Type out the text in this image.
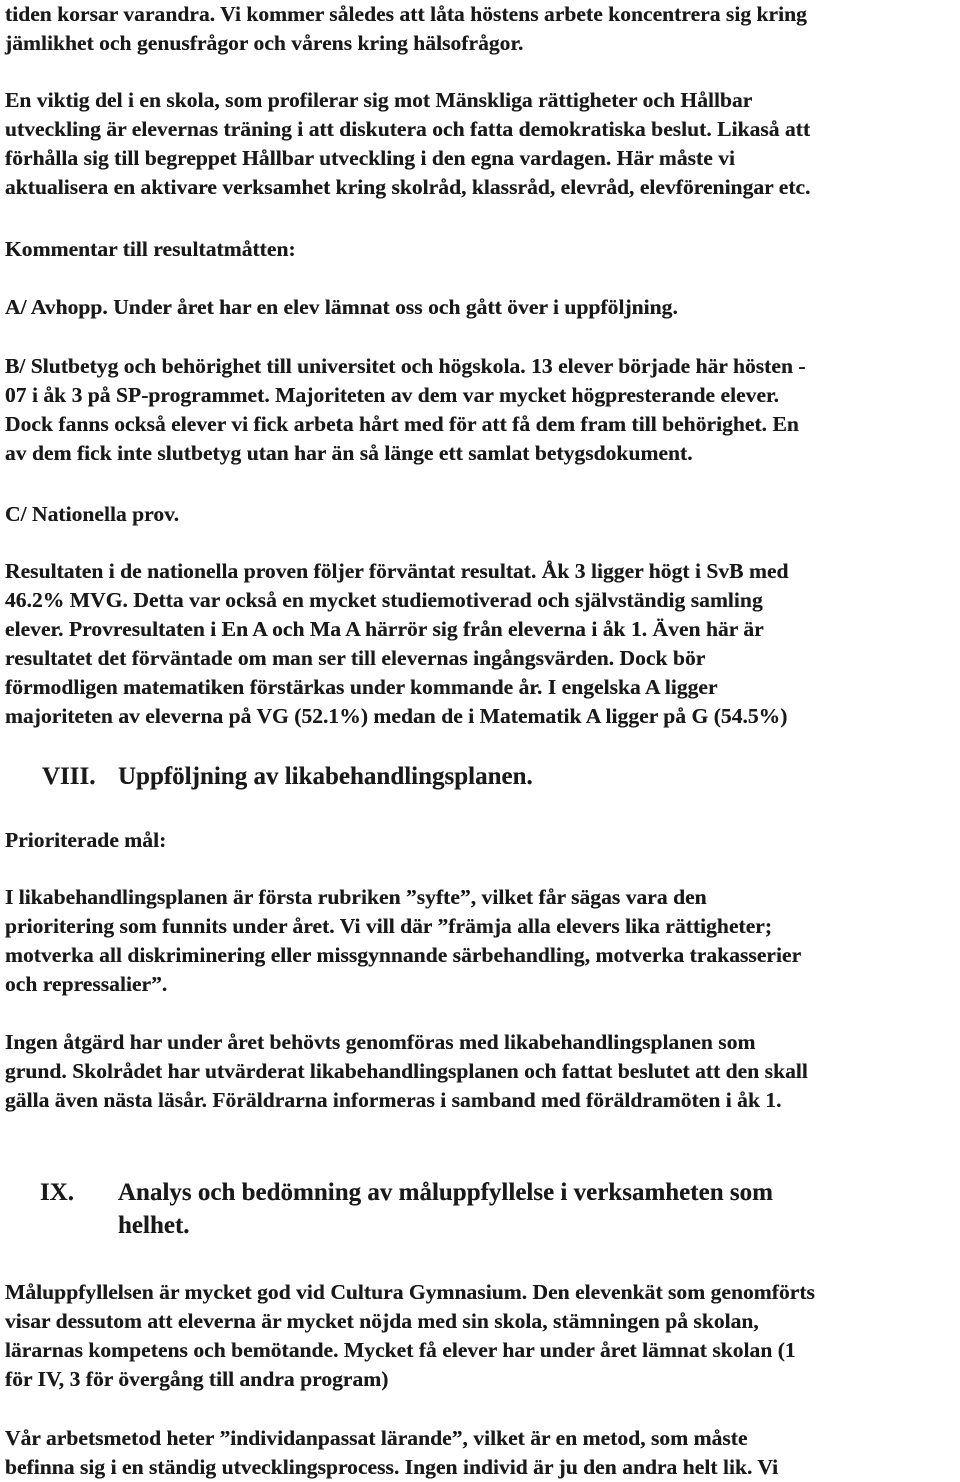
tiden korsar varandra. Vi kommer således att låta höstens arbete koncentrera sig kring
jämlikhet och genusfrågor och vårens kring hälsofrågor.
En viktig del i en skola, som profilerar sig mot Mänskliga rättigheter och Hållbar
utveckling är elevernas träning i att diskutera och fatta demokratiska beslut. Likaså att
förhålla sig till begreppet Hållbar utveckling i den egna vardagen. Här måste vi
aktualisera en aktivare verksamhet kring skolråd, klassråd, elevråd, elevföreningar etc.
Kommentar till resultatmåtten:
A/ Avhopp. Under året har en elev lämnat oss och gått över i uppföljning.
B/ Slutbetyg och behörighet till universitet och högskola. 13 elever började här hösten -
07 i åk 3 på SP-programmet. Majoriteten av dem var mycket högpresterande elever.
Dock fanns också elever vi fick arbeta hårt med för att få dem fram till behörighet. En
av dem fick inte slutbetyg utan har än så länge ett samlat betygsdokument.
C/ Nationella prov.
Resultaten i de nationella proven följer förväntat resultat. Åk 3 ligger högt i SvB med
46.2% MVG. Detta var också en mycket studiemotiverad och självständig samling
elever. Provresultaten i En A och Ma A härrör sig från eleverna i åk 1. Även här är
resultatet det förväntade om man ser till elevernas ingångsvärden. Dock bör
förmodligen matematiken förstärkas under kommande år. I engelska A ligger
majoriteten av eleverna på VG (52.1%) medan de i Matematik A ligger på G (54.5%)
VIII. Uppföljning av likabehandlingsplanen.
Prioriterade mål:
I likabehandlingsplanen är första rubriken ”syfte”, vilket får sägas vara den
prioritering som funnits under året. Vi vill där ”främja alla elevers lika rättigheter;
motverka all diskriminering eller missgynnande särbehandling, motverka trakasserier
och repressalier”.
Ingen åtgärd har under året behövts genomföras med likabehandlingsplanen som
grund. Skolrådet har utvärderat likabehandlingsplanen och fattat beslutet att den skall
gälla även nästa läsår. Föräldrarna informeras i samband med föräldramöten i åk 1.
IX. Analys och bedömning av måluppfyllelse i verksamheten som
helhet.
Måluppfyllelsen är mycket god vid Cultura Gymnasium. Den elevenkät som genomförts
visar dessutom att eleverna är mycket nöjda med sin skola, stämningen på skolan,
lärarnas kompetens och bemötande. Mycket få elever har under året lämnat skolan (1
för IV, 3 för övergång till andra program)
Vår arbetsmetod heter ”individanpassat lärande”, vilket är en metod, som måste
befinna sig i en ständig utvecklingsprocess. Ingen individ är ju den andra helt lik. Vi
